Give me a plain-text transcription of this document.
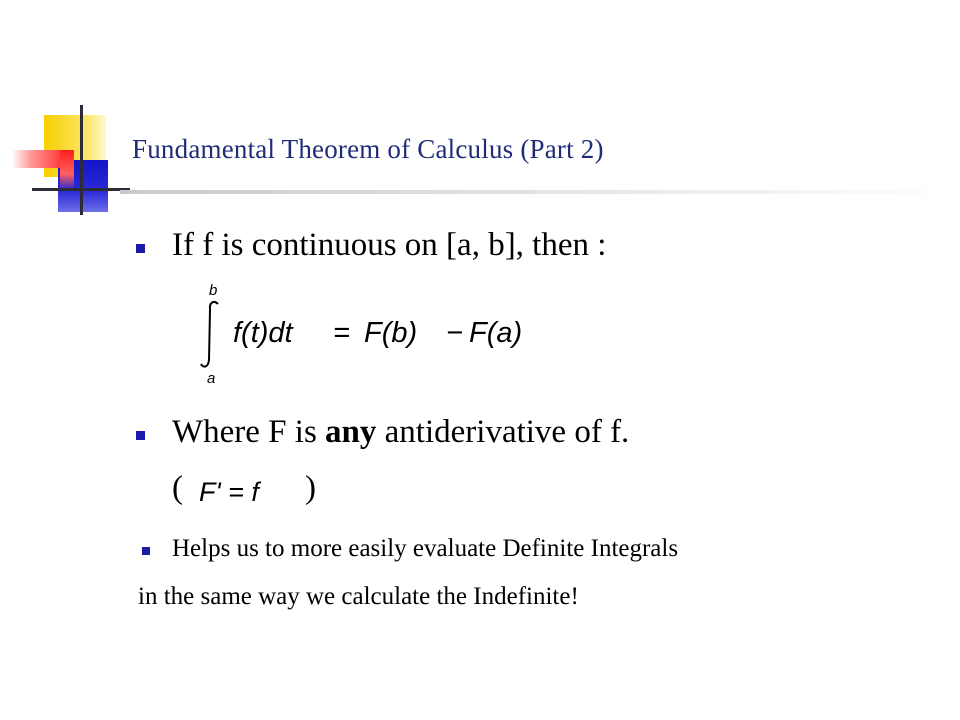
Fundamental Theorem of Calculus (Part 2)
If f is continuous on [a, b], then :
b
a
f(t)dt = F(b) − F(a)
Where F is any antiderivative of f.
( F' = f )
Helps us to more easily evaluate Definite Integrals
in the same way we calculate the Indefinite!
